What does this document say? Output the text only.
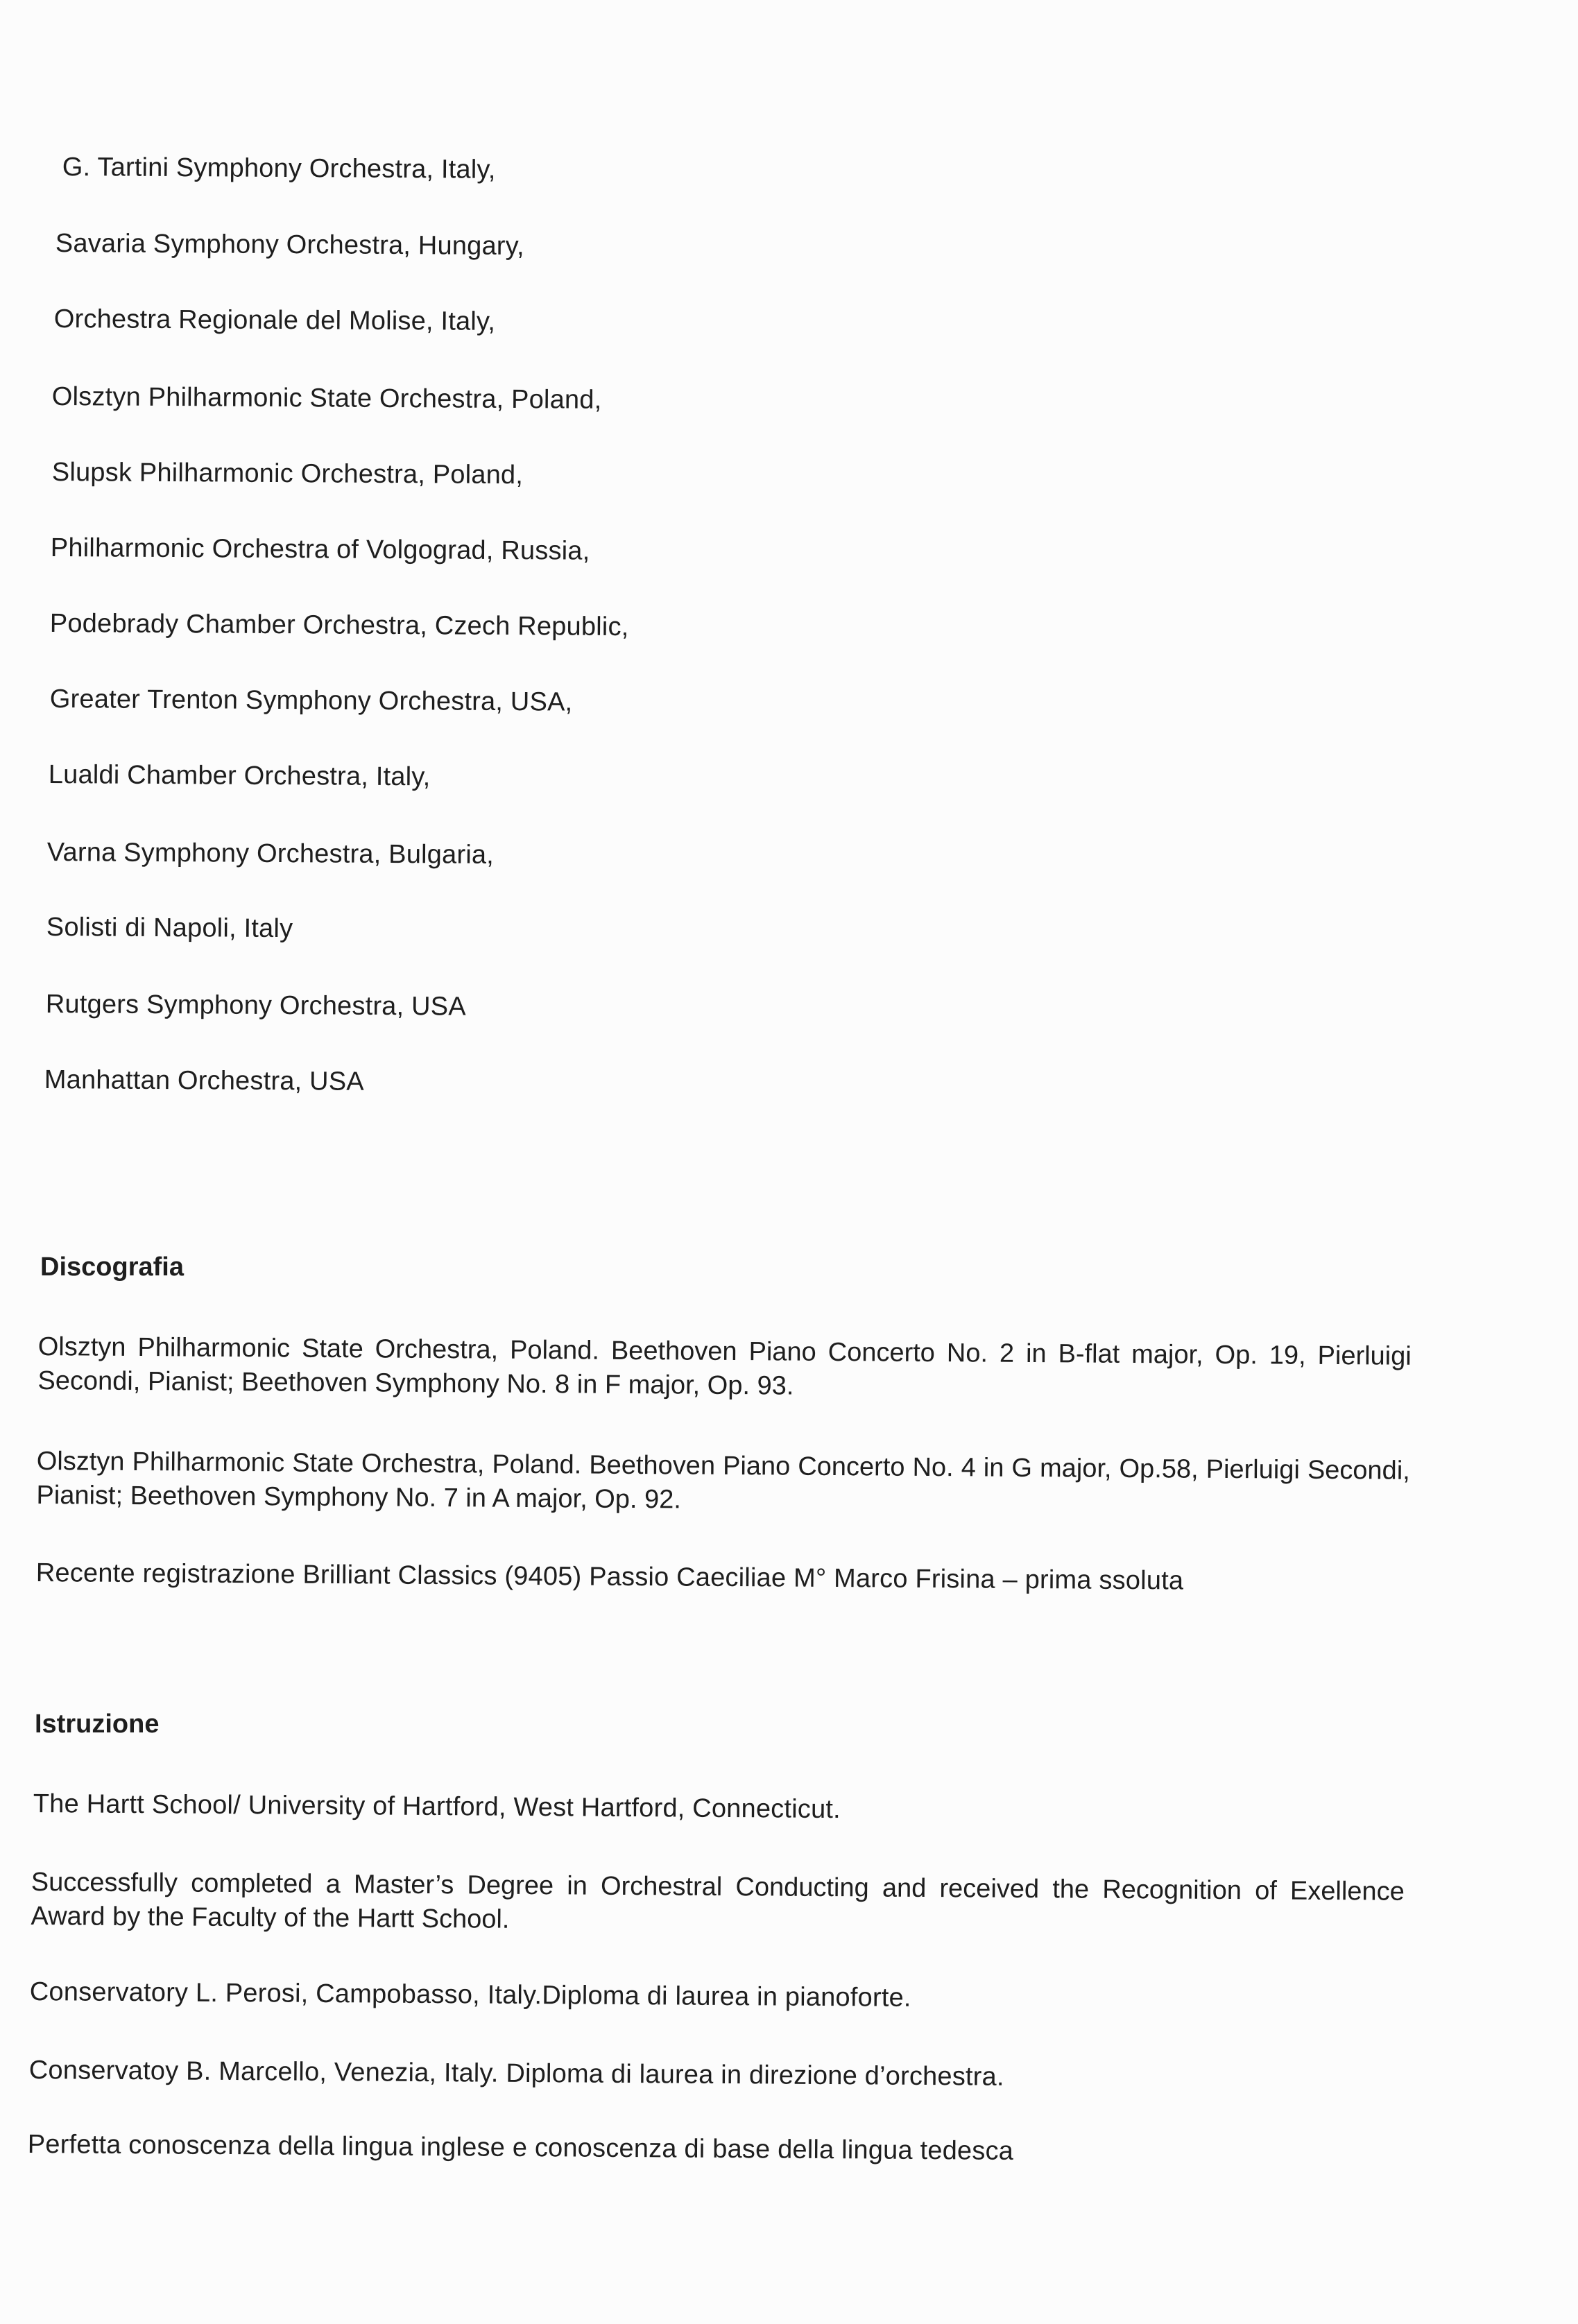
G. Tartini Symphony Orchestra, Italy,
Savaria Symphony Orchestra, Hungary,
Orchestra Regionale del Molise, Italy,
Olsztyn Philharmonic State Orchestra, Poland,
Slupsk Philharmonic Orchestra, Poland,
Philharmonic Orchestra of Volgograd, Russia,
Podebrady Chamber Orchestra, Czech Republic,
Greater Trenton Symphony Orchestra, USA,
Lualdi Chamber Orchestra, Italy,
Varna Symphony Orchestra, Bulgaria,
Solisti di Napoli, Italy
Rutgers Symphony Orchestra, USA
Manhattan Orchestra, USA
Discografia
Olsztyn Philharmonic State Orchestra, Poland. Beethoven Piano Concerto No. 2 in B-flat major, Op. 19, Pierluigi Secondi, Pianist; Beethoven Symphony No. 8 in F major, Op. 93.
Olsztyn Philharmonic State Orchestra, Poland. Beethoven Piano Concerto No. 4 in G major, Op.58, Pierluigi Secondi, Pianist; Beethoven Symphony No. 7 in A major, Op. 92.
Recente registrazione Brilliant Classics (9405) Passio Caeciliae M° Marco Frisina – prima ssoluta
Istruzione
The Hartt School/ University of Hartford, West Hartford, Connecticut.
Successfully completed a Master’s Degree in Orchestral Conducting and received the Recognition of Exellence Award by the Faculty of the Hartt School.
Conservatory L. Perosi, Campobasso, Italy.Diploma di laurea in pianoforte.
Conservatoy B. Marcello, Venezia, Italy. Diploma di laurea in direzione d’orchestra.
Perfetta conoscenza della lingua inglese e conoscenza di base della lingua tedesca
